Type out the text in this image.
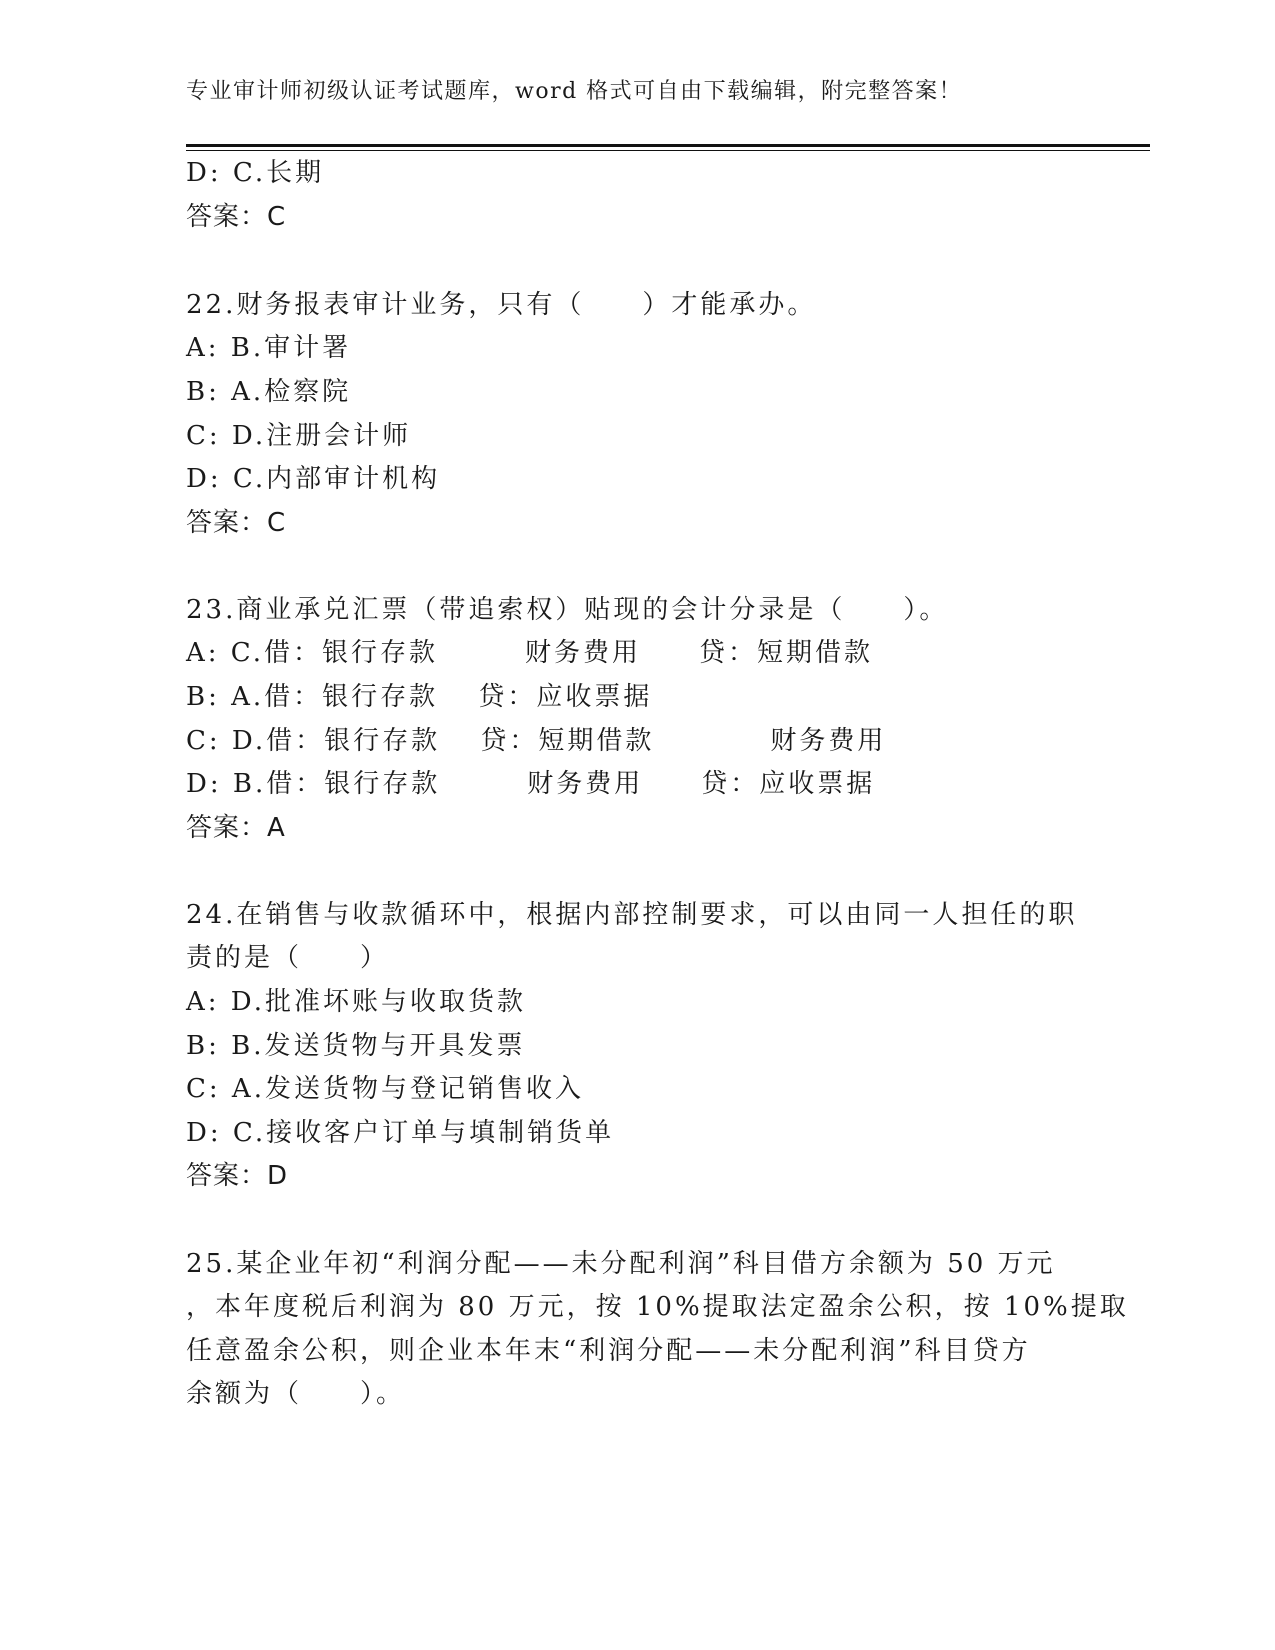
专业审计师初级认证考试题库，word 格式可自由下载编辑，附完整答案！
D: C.长期
答案：C
22.财务报表审计业务，只有（　　）才能承办。
A: B.审计署
B: A.检察院
C: D.注册会计师
D: C.内部审计机构
答案：C
23.商业承兑汇票（带追索权）贴现的会计分录是（　　）。
A: C.借：银行存款　　　财务费用　　贷：短期借款
B: A.借：银行存款　 贷：应收票据
C: D.借：银行存款　 贷：短期借款　　　　财务费用
D: B.借：银行存款　　　财务费用　　贷：应收票据
答案：A
24.在销售与收款循环中，根据内部控制要求，可以由同一人担任的职
责的是（　　）
A: D.批准坏账与收取货款
B: B.发送货物与开具发票
C: A.发送货物与登记销售收入
D: C.接收客户订单与填制销货单
答案：D
25.某企业年初“利润分配——未分配利润”科目借方余额为 50 万元
，本年度税后利润为 80 万元，按 10%提取法定盈余公积，按 10%提取
任意盈余公积，则企业本年末“利润分配——未分配利润”科目贷方
余额为（　　）。
